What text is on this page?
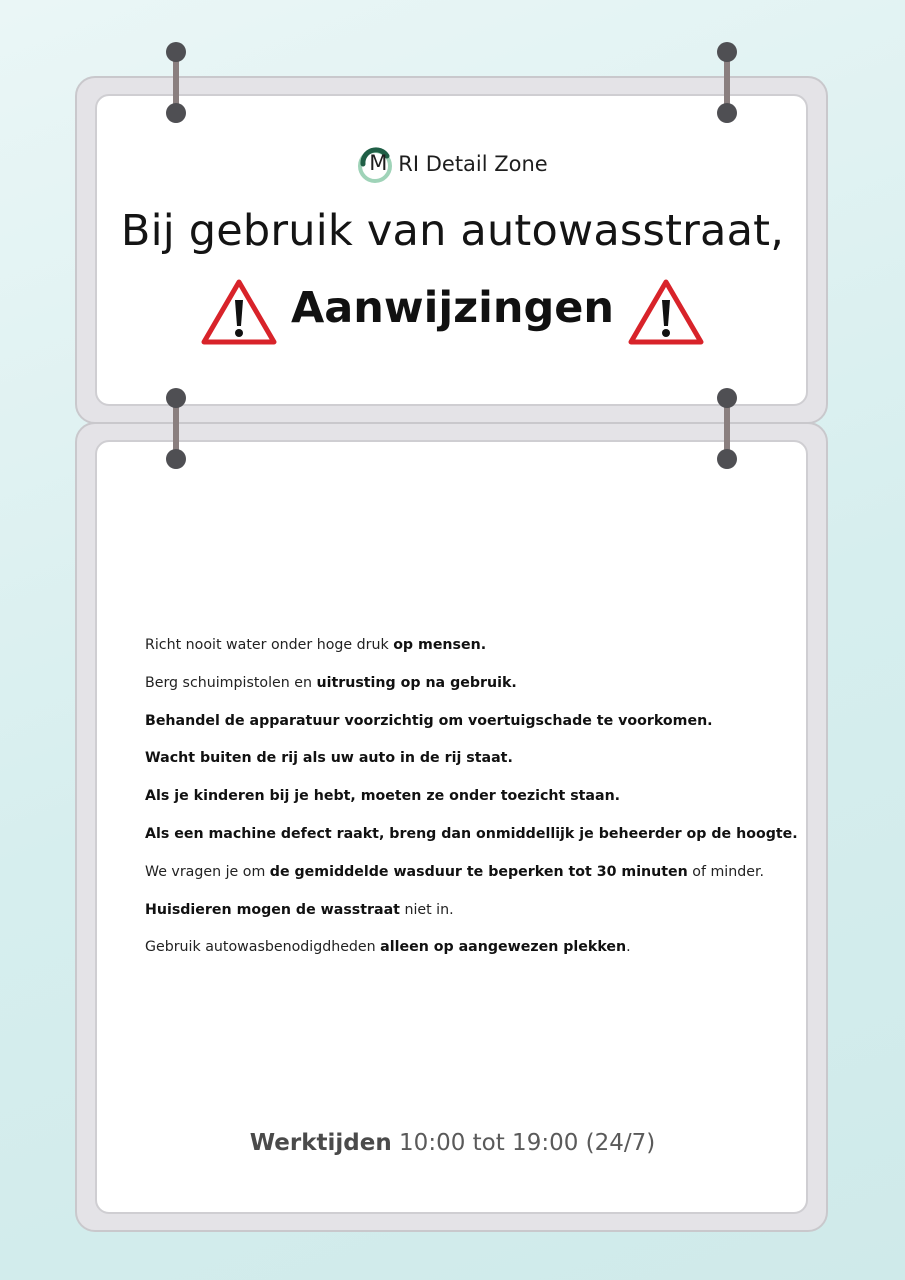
M RI Detail Zone
Bij gebruik van autowasstraat,
Aanwijzingen
Richt nooit water onder hoge druk op mensen.
Berg schuimpistolen en uitrusting op na gebruik.
Behandel de apparatuur voorzichtig om voertuigschade te voorkomen.
Wacht buiten de rij als uw auto in de rij staat.
Als je kinderen bij je hebt, moeten ze onder toezicht staan.
Als een machine defect raakt, breng dan onmiddellijk je beheerder op de hoogte.
We vragen je om de gemiddelde wasduur te beperken tot 30 minuten of minder.
Huisdieren mogen de wasstraat niet in.
Gebruik autowasbenodigdheden alleen op aangewezen plekken.
Werktijden 10:00 tot 19:00 (24/7)
